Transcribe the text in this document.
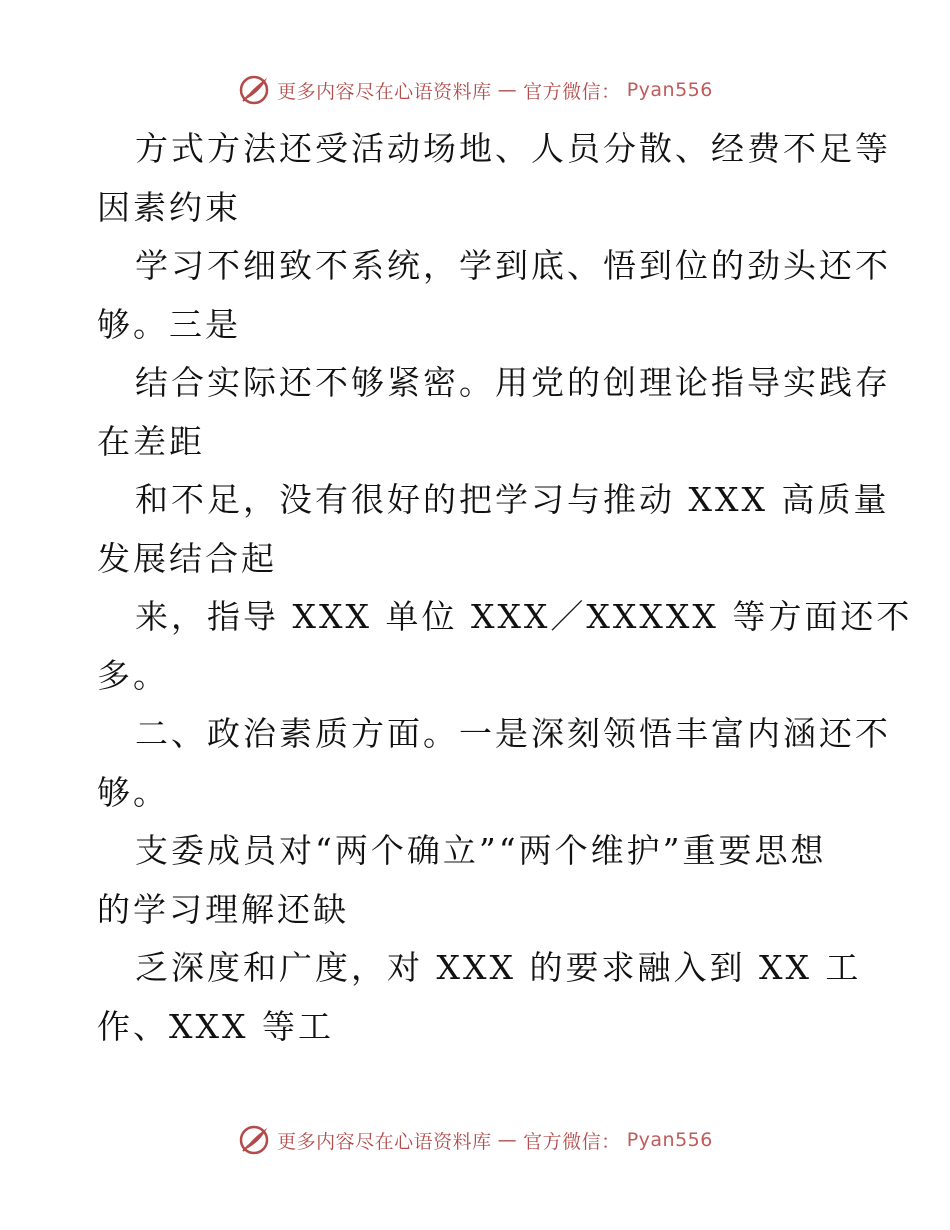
更多内容尽在心语资料库 — 官方微信： Pyan556
方式方法还受活动场地、人员分散、经费不足等
因素约束
学习不细致不系统，学到底、悟到位的劲头还不
够。三是
结合实际还不够紧密。用党的创理论指导实践存
在差距
和不足，没有很好的把学习与推动 XXX 高质量
发展结合起
来，指导 XXX 单位 XXX／XXXXX 等方面还不
多。
二、政治素质方面。一是深刻领悟丰富内涵还不
够。
支委成员对“两个确立”“两个维护”重要思想
的学习理解还缺
乏深度和广度，对 XXX 的要求融入到 XX 工
作、XXX 等工
更多内容尽在心语资料库 — 官方微信： Pyan556
